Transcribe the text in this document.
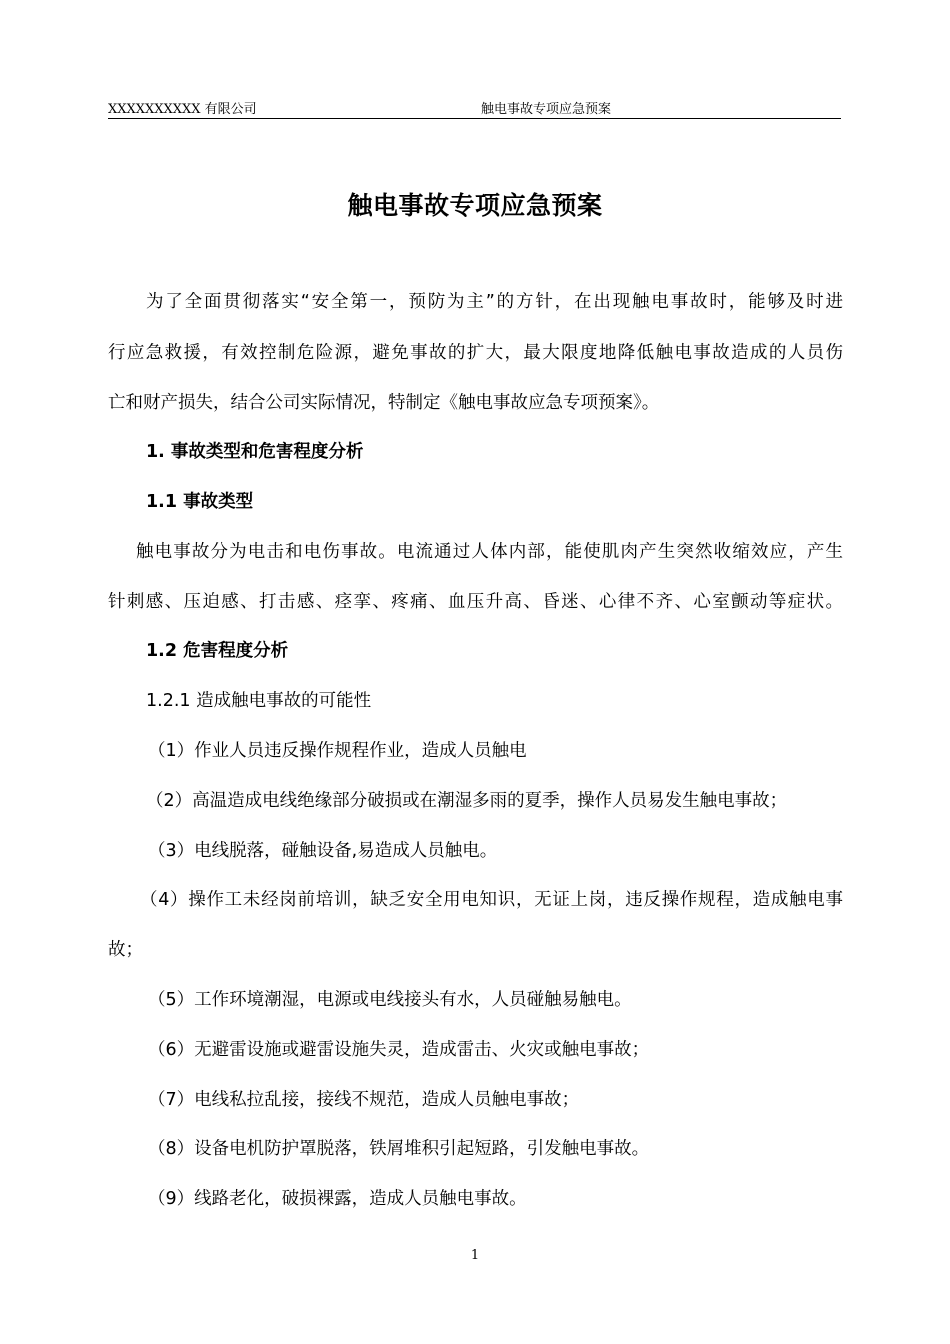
XXXXXXXXXX 有限公司	触电事故专项应急预案
触电事故专项应急预案
为了全面贯彻落实“安全第一，预防为主”的方针，在出现触电事故时，能够及时进
行应急救援，有效控制危险源，避免事故的扩大，最大限度地降低触电事故造成的人员伤
亡和财产损失，结合公司实际情况，特制定《触电事故应急专项预案》。
1. 事故类型和危害程度分析
1.1 事故类型
触电事故分为电击和电伤事故。电流通过人体内部，能使肌肉产生突然收缩效应，产生
针刺感、压迫感、打击感、痉挛、疼痛、血压升高、昏迷、心律不齐、心室颤动等症状。
1.2 危害程度分析
1.2.1 造成触电事故的可能性
（1）作业人员违反操作规程作业，造成人员触电
（2）高温造成电线绝缘部分破损或在潮湿多雨的夏季，操作人员易发生触电事故；
（3）电线脱落，碰触设备,易造成人员触电。
（4）操作工未经岗前培训，缺乏安全用电知识，无证上岗，违反操作规程，造成触电事
故；
（5）工作环境潮湿，电源或电线接头有水，人员碰触易触电。
（6）无避雷设施或避雷设施失灵，造成雷击、火灾或触电事故；
（7）电线私拉乱接，接线不规范，造成人员触电事故；
（8）设备电机防护罩脱落，铁屑堆积引起短路，引发触电事故。
（9）线路老化，破损裸露，造成人员触电事故。
1
